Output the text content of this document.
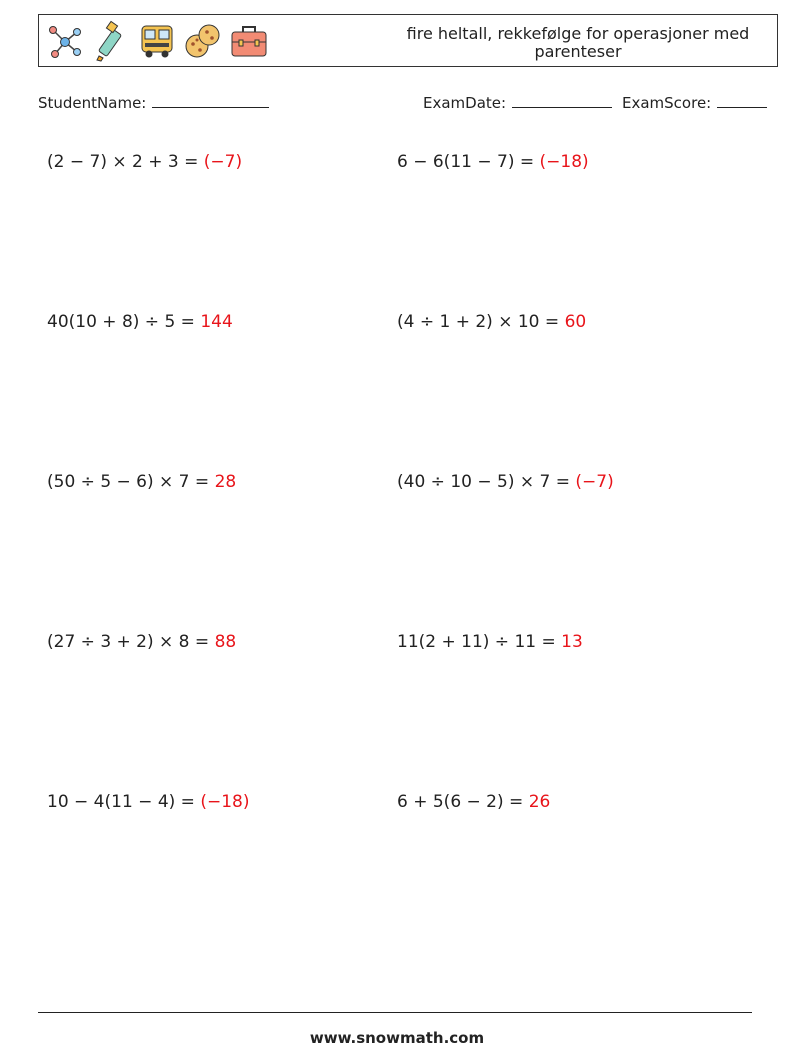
fire heltall, rekkefølge for operasjoner med parenteser
StudentName:	ExamDate:	ExamScore:
(2 − 7) × 2 + 3 = (−7)	6 − 6(11 − 7) = (−18)
40(10 + 8) ÷ 5 = 144	(4 ÷ 1 + 2) × 10 = 60
(50 ÷ 5 − 6) × 7 = 28	(40 ÷ 10 − 5) × 7 = (−7)
(27 ÷ 3 + 2) × 8 = 88	11(2 + 11) ÷ 11 = 13
10 − 4(11 − 4) = (−18)	6 + 5(6 − 2) = 26
www.snowmath.com
